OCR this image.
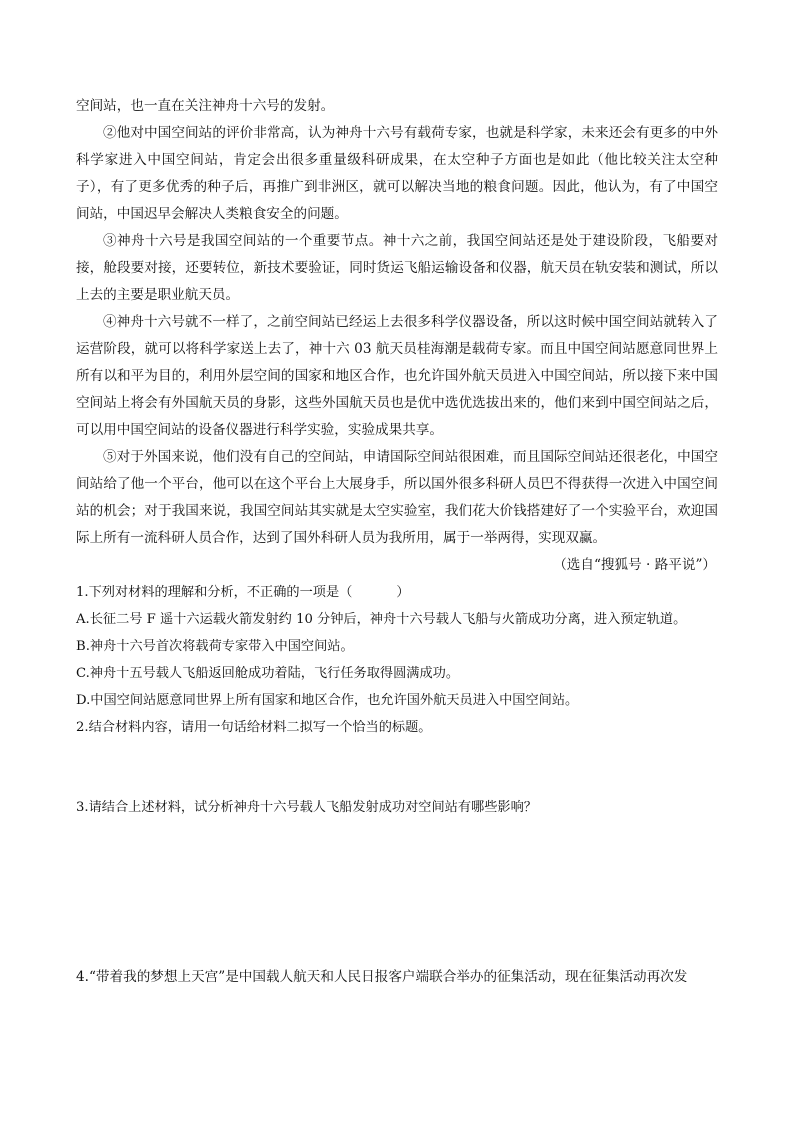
空间站，也一直在关注神舟十六号的发射。

②他对中国空间站的评价非常高，认为神舟十六号有载荷专家，也就是科学家，未来还会有更多的中外科学家进入中国空间站，肯定会出很多重量级科研成果，在太空种子方面也是如此（他比较关注太空种子），有了更多优秀的种子后，再推广到非洲区，就可以解决当地的粮食问题。因此，他认为，有了中国空间站，中国迟早会解决人类粮食安全的问题。

③神舟十六号是我国空间站的一个重要节点。神十六之前，我国空间站还是处于建设阶段，飞船要对接，舱段要对接，还要转位，新技术要验证，同时货运飞船运输设备和仪器，航天员在轨安装和测试，所以上去的主要是职业航天员。

④神舟十六号就不一样了，之前空间站已经运上去很多科学仪器设备，所以这时候中国空间站就转入了运营阶段，就可以将科学家送上去了，神十六 03 航天员桂海潮是载荷专家。而且中国空间站愿意同世界上所有以和平为目的，利用外层空间的国家和地区合作，也允许国外航天员进入中国空间站，所以接下来中国空间站上将会有外国航天员的身影，这些外国航天员也是优中选优选拔出来的，他们来到中国空间站之后，可以用中国空间站的设备仪器进行科学实验，实验成果共享。

⑤对于外国来说，他们没有自己的空间站，申请国际空间站很困难，而且国际空间站还很老化，中国空间站给了他一个平台，他可以在这个平台上大展身手，所以国外很多科研人员巴不得获得一次进入中国空间站的机会；对于我国来说，我国空间站其实就是太空实验室，我们花大价钱搭建好了一个实验平台，欢迎国际上所有一流科研人员合作，达到了国外科研人员为我所用，属于一举两得，实现双赢。

（选自“搜狐号 · 路平说”）

1.下列对材料的理解和分析，不正确的一项是（	）

A.长征二号 F 遥十六运载火箭发射约 10 分钟后，神舟十六号载人飞船与火箭成功分离，进入预定轨道。

B.神舟十六号首次将载荷专家带入中国空间站。

C.神舟十五号载人飞船返回舱成功着陆，飞行任务取得圆满成功。

D.中国空间站愿意同世界上所有国家和地区合作，也允许国外航天员进入中国空间站。

2.结合材料内容，请用一句话给材料二拟写一个恰当的标题。

3.请结合上述材料，试分析神舟十六号载人飞船发射成功对空间站有哪些影响？

4.“带着我的梦想上天宫”是中国载人航天和人民日报客户端联合举办的征集活动，现在征集活动再次发
